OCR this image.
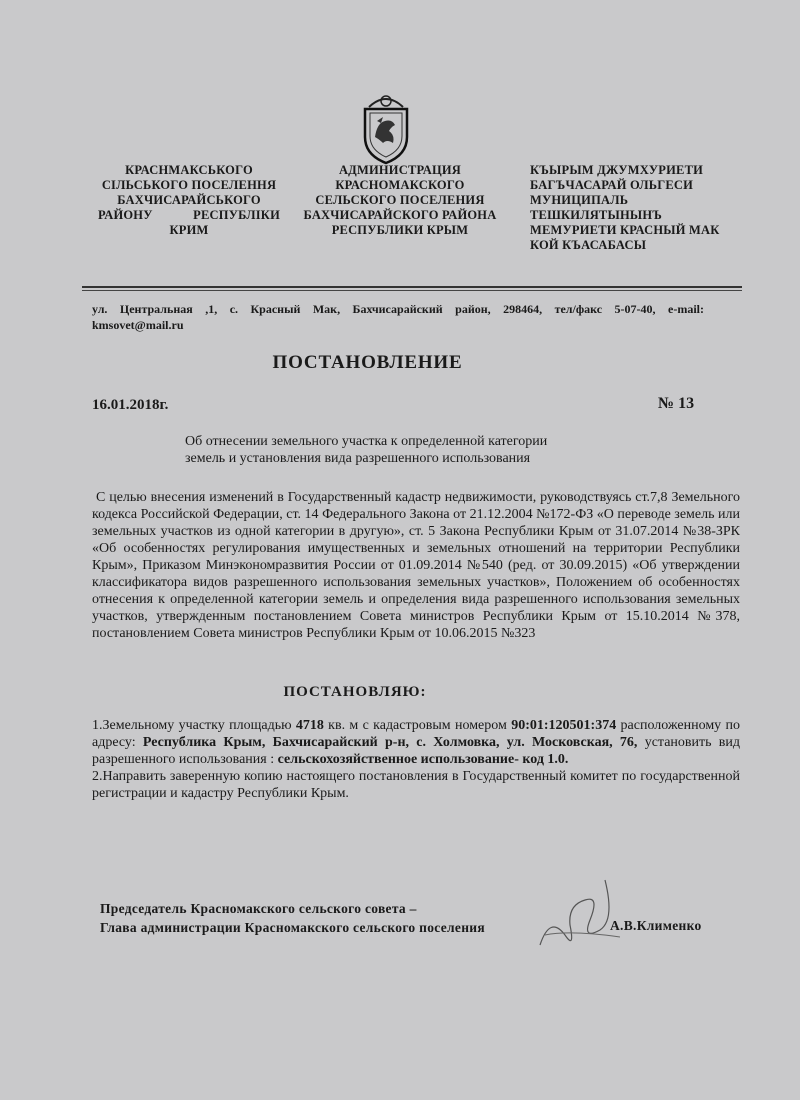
КРАСНМАКСЬКОГО
СІЛЬСЬКОГО ПОСЕЛЕННЯ
БАХЧИСАРАЙСЬКОГО
РАЙОНУ	РЕСПУБЛІКИ
КРИМ
АДМИНИСТРАЦИЯ
КРАСНОМАКСКОГО
СЕЛЬСКОГО ПОСЕЛЕНИЯ
БАХЧИСАРАЙСКОГО РАЙОНА
РЕСПУБЛИКИ КРЫМ
КЪЫРЫМ ДЖУМХУРИЕТИ
БАГЪЧАСАРАЙ ОЛЬГЕСИ
МУНИЦИПАЛЬ
ТЕШКИЛЯТЫНЫНЪ
МЕМУРИЕТИ КРАСНЫЙ МАК
КОЙ КЪАСАБАСЫ
ул. Центральная ,1, с. Красный Мак, Бахчисарайский район, 298464, тел/факс 5-07-40, e-mail:
kmsovet@mail.ru
ПОСТАНОВЛЕНИЕ
16.01.2018г.	№ 13
Об отнесении земельного участка к определенной категории
земель и установления вида разрешенного использования

С целью внесения изменений в Государственный кадастр недвижимости, руководствуясь ст.7,8 Земельного кодекса Российской Федерации, ст. 14 Федерального Закона от 21.12.2004 №172-ФЗ «О переводе земель или земельных участков из одной категории в другую», ст. 5 Закона Республики Крым от 31.07.2014 №38-ЗРК «Об особенностях регулирования имущественных и земельных отношений на территории Республики Крым», Приказом Минэкономразвития России от 01.09.2014 №540 (ред. от 30.09.2015) «Об утверждении классификатора видов разрешенного использования земельных участков», Положением об особенностях отнесения к определенной категории земель и определения вида разрешенного использования земельных участков, утвержденным постановлением Совета министров Республики Крым от 15.10.2014 №378, постановлением Совета министров Республики Крым от 10.06.2015 №323

ПОСТАНОВЛЯЮ:

1.Земельному участку площадью 4718 кв. м с кадастровым номером 90:01:120501:374 расположенному по адресу: Республика Крым, Бахчисарайский р-н, с. Холмовка, ул. Московская, 76, установить вид разрешенного использования : сельскохозяйственное использование- код 1.0.

2.Направить заверенную копию настоящего постановления в Государственный комитет по государственной регистрации и кадастру Республики Крым.

Председатель Красномакского сельского совета –
Глава администрации Красномакского сельского поселения	А.В.Клименко
